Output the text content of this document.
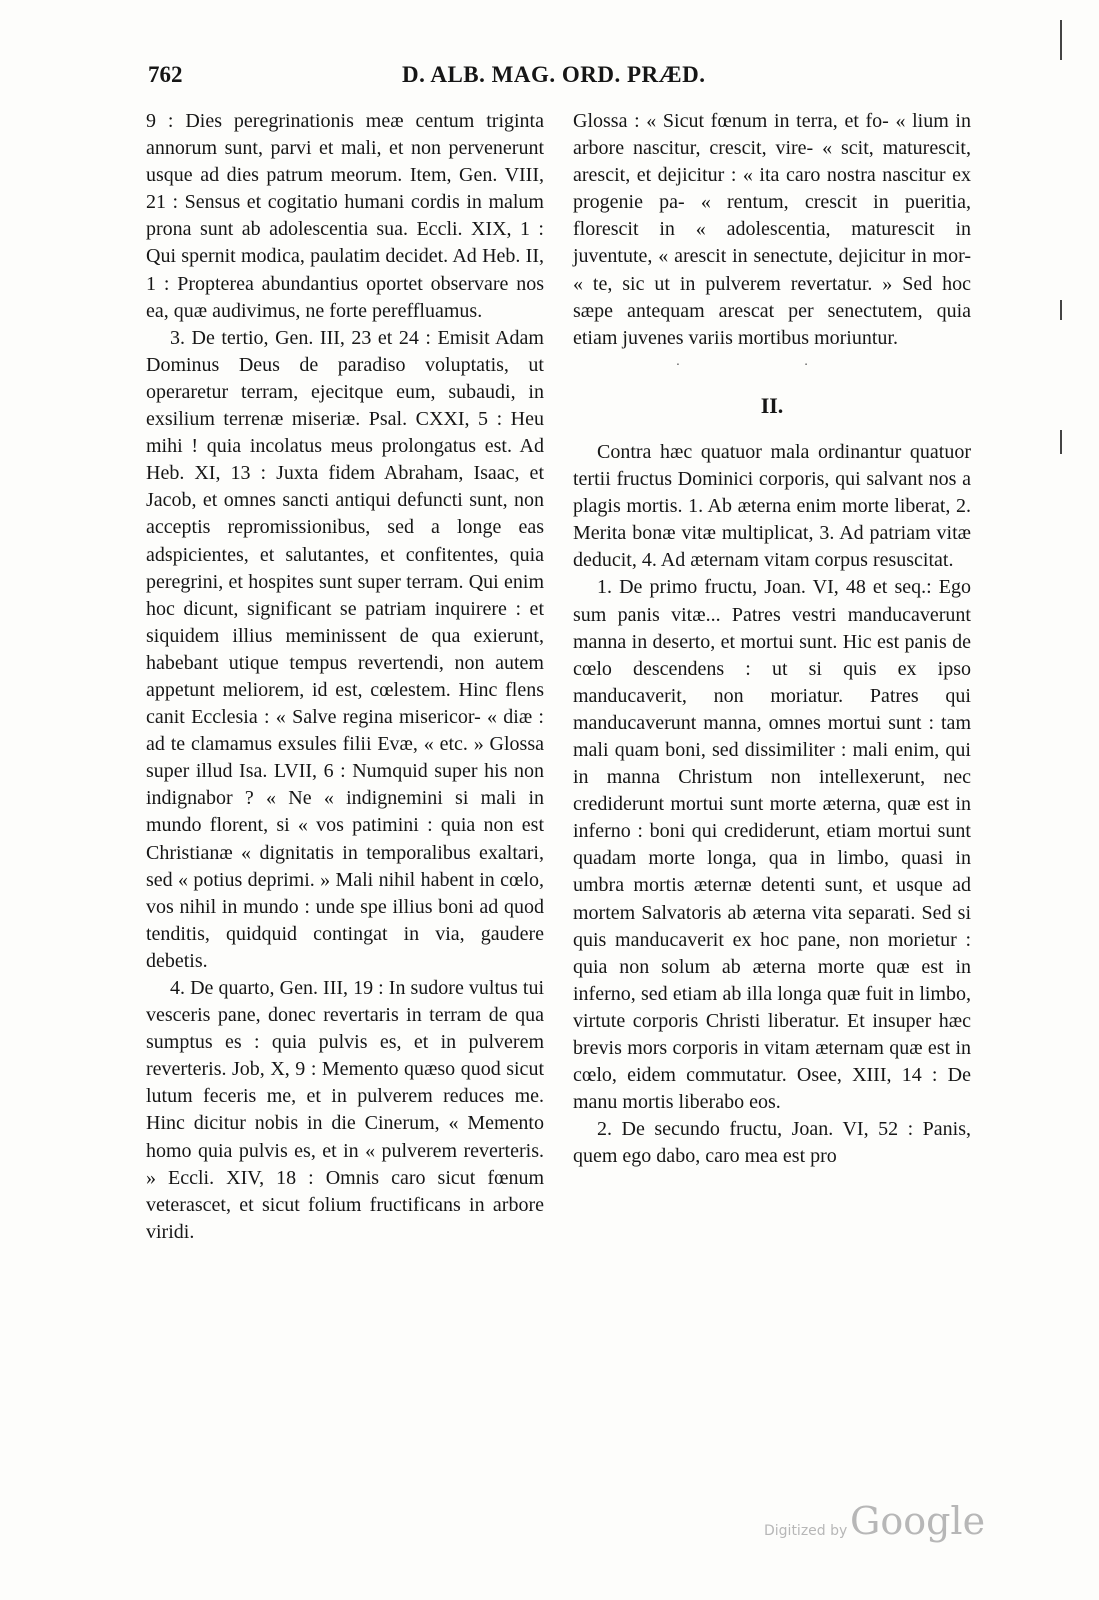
762	D. ALB. MAG. ORD. PRÆD.

9 : Dies peregrinationis meæ centum triginta annorum sunt, parvi et mali, et non pervenerunt usque ad dies patrum meorum. Item, Gen. VIII, 21 : Sensus et cogitatio humani cordis in malum prona sunt ab adolescentia sua. Eccli. XIX, 1 : Qui spernit modica, paulatim decidet. Ad Heb. II, 1 : Propterea abundantius oportet observare nos ea, quæ audivimus, ne forte pereffluamus.

3. De tertio, Gen. III, 23 et 24 : Emisit Adam Dominus Deus de paradiso voluptatis, ut operaretur terram, ejecitque eum, subaudi, in exsilium terrenæ miseriæ. Psal. CXXI, 5 : Heu mihi ! quia incolatus meus prolongatus est. Ad Heb. XI, 13 : Juxta fidem Abraham, Isaac, et Jacob, et omnes sancti antiqui defuncti sunt, non acceptis repromissionibus, sed a longe eas adspicientes, et salutantes, et confitentes, quia peregrini, et hospites sunt super terram. Qui enim hoc dicunt, significant se patriam inquirere : et siquidem illius meminissent de qua exierunt, habebant utique tempus revertendi, non autem appetunt meliorem, id est, cœlestem. Hinc flens canit Ecclesia : « Salve regina misericor- « diæ : ad te clamamus exsules filii Evæ, « etc. » Glossa super illud Isa. LVII, 6 : Numquid super his non indignabor ? « Ne « indignemini si mali in mundo florent, si « vos patimini : quia non est Christianæ « dignitatis in temporalibus exaltari, sed « potius deprimi. » Mali nihil habent in cœlo, vos nihil in mundo : unde spe illius boni ad quod tenditis, quidquid contingat in via, gaudere debetis.

4. De quarto, Gen. III, 19 : In sudore vultus tui vesceris pane, donec revertaris in terram de qua sumptus es : quia pulvis es, et in pulverem reverteris. Job, X, 9 : Memento quæso quod sicut lutum feceris me, et in pulverem reduces me. Hinc dicitur nobis in die Cinerum, « Memento homo quia pulvis es, et in « pulverem reverteris. » Eccli. XIV, 18 : Omnis caro sicut fœnum veterascet, et sicut folium fructificans in arbore viridi.

Glossa : « Sicut fœnum in terra, et fo- « lium in arbore nascitur, crescit, vire- « scit, maturescit, arescit, et dejicitur : « ita caro nostra nascitur ex progenie pa- « rentum, crescit in pueritia, florescit in « adolescentia, maturescit in juventute, « arescit in senectute, dejicitur in mor- « te, sic ut in pulverem revertatur. » Sed hoc sæpe antequam arescat per senectutem, quia etiam juvenes variis mortibus moriuntur.

· ·

II.

Contra hæc quatuor mala ordinantur quatuor tertii fructus Dominici corporis, qui salvant nos a plagis mortis. 1. Ab æterna enim morte liberat, 2. Merita bonæ vitæ multiplicat, 3. Ad patriam vitæ deducit, 4. Ad æternam vitam corpus resuscitat.

1. De primo fructu, Joan. VI, 48 et seq.: Ego sum panis vitæ... Patres vestri manducaverunt manna in deserto, et mortui sunt. Hic est panis de cœlo descendens : ut si quis ex ipso manducaverit, non moriatur. Patres qui manducaverunt manna, omnes mortui sunt : tam mali quam boni, sed dissimiliter : mali enim, qui in manna Christum non intellexerunt, nec crediderunt mortui sunt morte æterna, quæ est in inferno : boni qui crediderunt, etiam mortui sunt quadam morte longa, qua in limbo, quasi in umbra mortis æternæ detenti sunt, et usque ad mortem Salvatoris ab æterna vita separati. Sed si quis manducaverit ex hoc pane, non morietur : quia non solum ab æterna morte quæ est in inferno, sed etiam ab illa longa quæ fuit in limbo, virtute corporis Christi liberatur. Et insuper hæc brevis mors corporis in vitam æternam quæ est in cœlo, eidem commutatur. Osee, XIII, 14 : De manu mortis liberabo eos.

2. De secundo fructu, Joan. VI, 52 : Panis, quem ego dabo, caro mea est pro

Digitized by Google
